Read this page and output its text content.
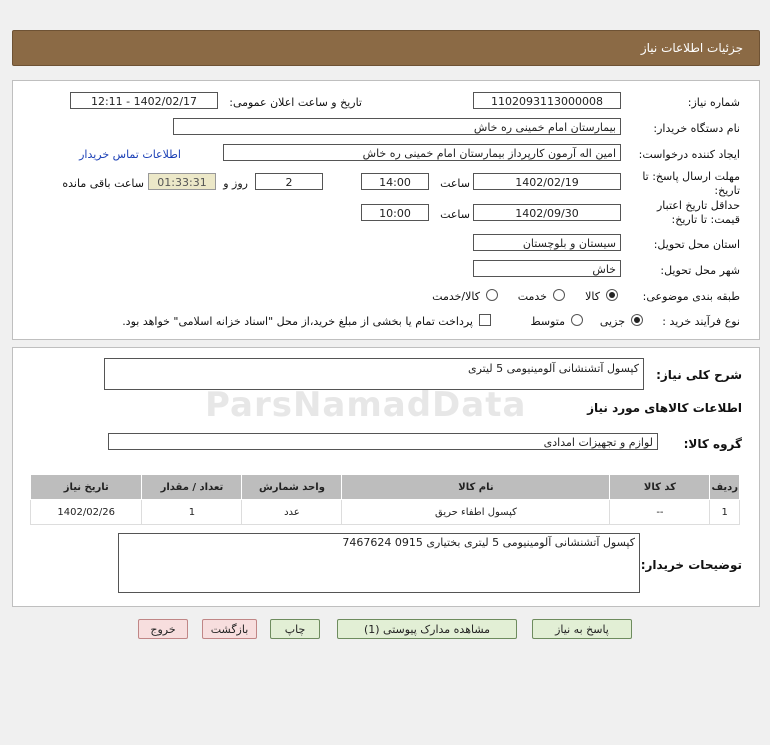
جزئیات اطلاعات نیاز
شماره نیاز:
1102093113000008
تاریخ و ساعت اعلان عمومی:
1402/02/17 - 12:11
نام دستگاه خریدار:
بیمارستان امام خمینی ره خاش
ایجاد کننده درخواست:
امین اله آرمون کارپرداز بیمارستان امام خمینی ره خاش
اطلاعات تماس خریدار
مهلت ارسال پاسخ: تا تاریخ:
1402/02/19
ساعت
14:00
2
روز و
01:33:31
ساعت باقی مانده
حداقل تاریخ اعتبار قیمت: تا تاریخ:
1402/09/30
ساعت
10:00
استان محل تحویل:
سیستان و بلوچستان
شهر محل تحویل:
خاش
طبقه بندی موضوعی:
کالا
خدمت
کالا/خدمت
نوع فرآیند خرید :
جزیی
متوسط
پرداخت تمام یا بخشی از مبلغ خرید،از محل "اسناد خزانه اسلامی" خواهد بود.
شرح کلی نیاز:
کپسول آتشنشانی آلومینیومی 5 لیتری
اطلاعات کالاهای مورد نیاز
گروه کالا:
لوازم و تجهیزات امدادی
ردیف	کد کالا	نام کالا	واحد شمارش	تعداد / مقدار	تاریخ نیاز
1	--	کپسول اطفاء حریق	عدد	1	1402/02/26
توضیحات خریدار:
کپسول آتشنشانی آلومینیومی 5 لیتری بختیاری 0915 7467624
پاسخ به نیاز
مشاهده مدارک پیوستی (1)
چاپ
بازگشت
خروج
